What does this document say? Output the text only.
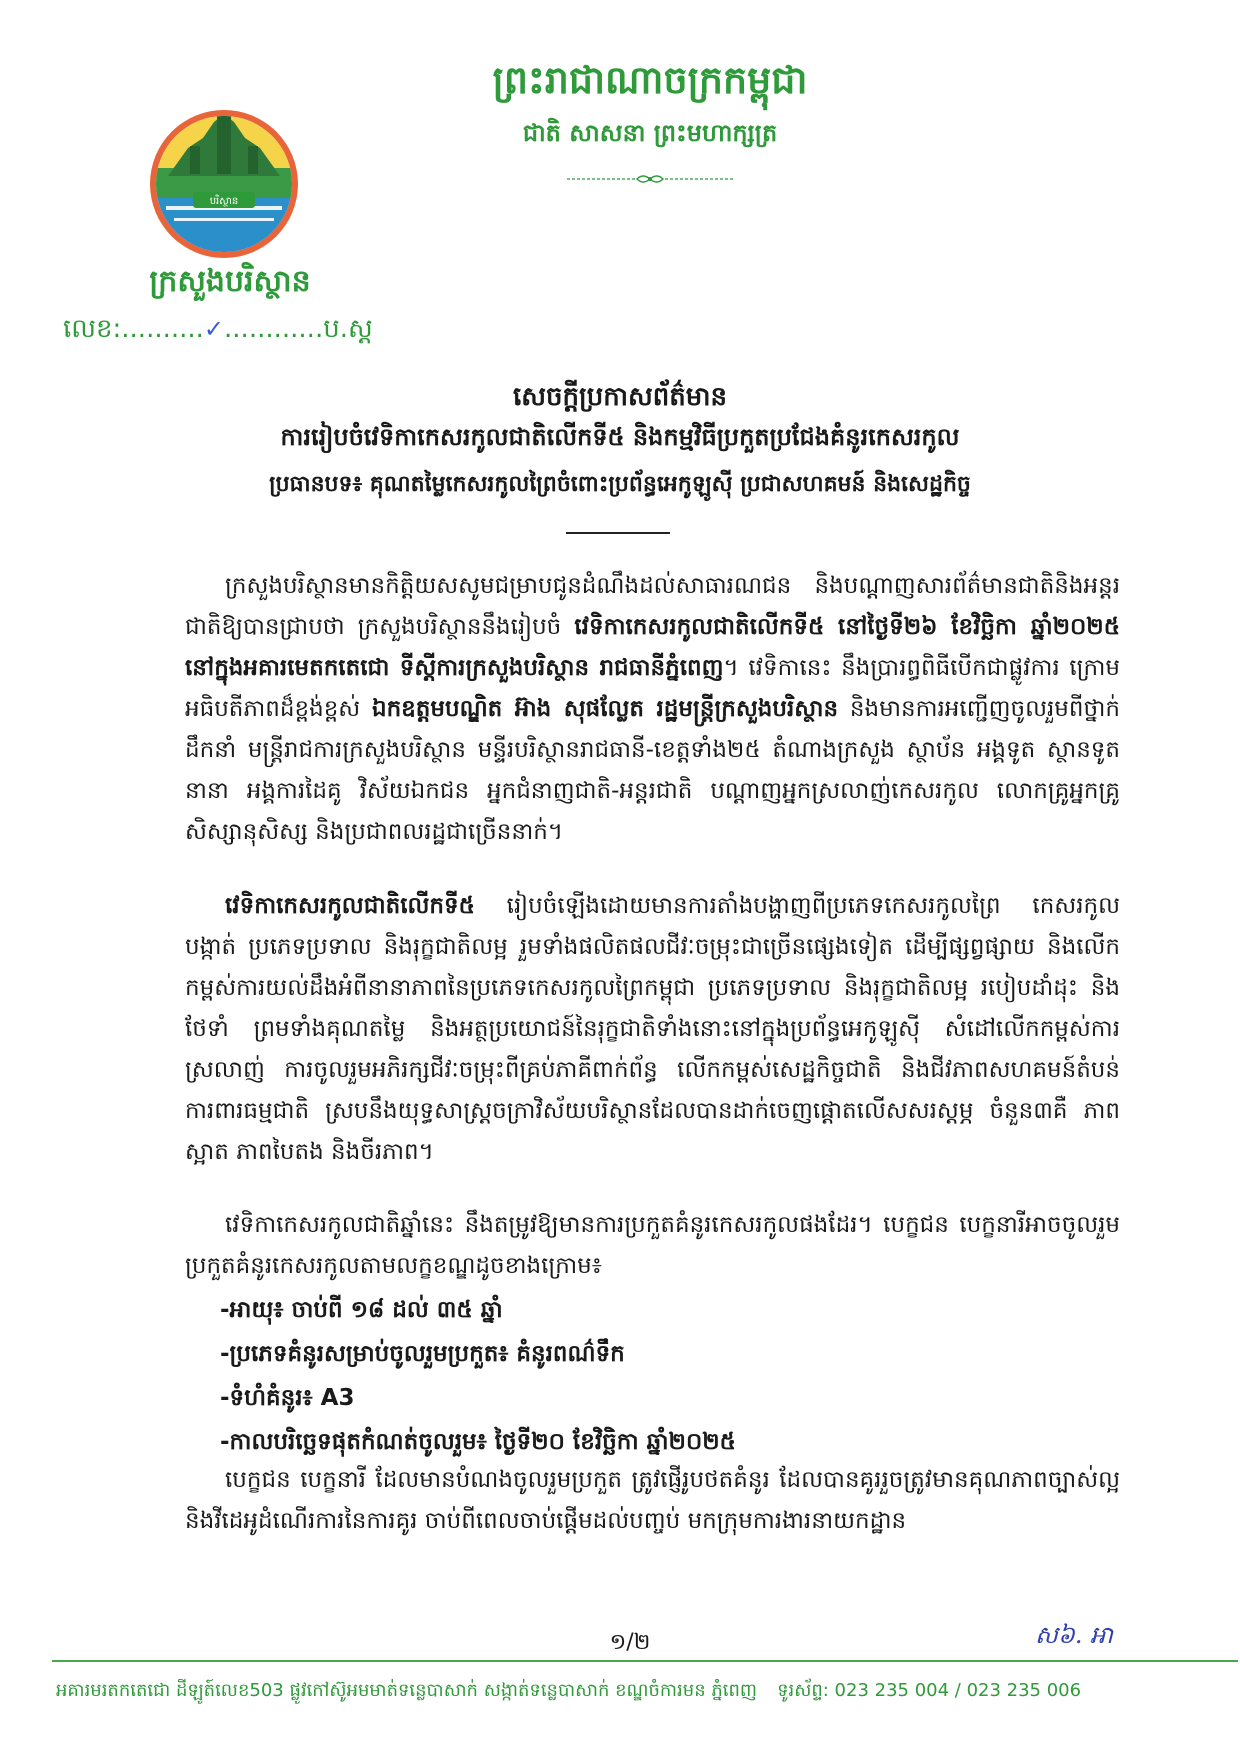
ព្រះរាជាណាចក្រកម្ពុជា
ជាតិ សាសនា ព្រះមហាក្សត្រ
បរិស្ថាន
ក្រសួងបរិស្ថាន
លេខ:..........✓............ប.ស្ត
សេចក្តីប្រកាសព័ត៌មាន
ការរៀបចំវេទិកាកេសរកូលជាតិលើកទី៥ និងកម្មវិធីប្រកួតប្រជែងគំនូរកេសរកូល
ប្រធានបទ៖ គុណតម្លៃកេសរកូលព្រៃចំពោះប្រព័ន្ធអេកូឡូស៊ី ប្រជាសហគមន៍ និងសេដ្ឋកិច្ច
ក្រសួងបរិស្ថានមានកិត្តិយសសូមជម្រាបជូនដំណឹងដល់សាធារណជន និងបណ្តាញសារព័ត៌មានជាតិនិងអន្តរជាតិឱ្យបានជ្រាបថា ក្រសួងបរិស្ថាននឹងរៀបចំ វេទិកាកេសរកូលជាតិលើកទី៥ នៅថ្ងៃទី២៦ ខែវិច្ឆិកា ឆ្នាំ២០២៥ នៅក្នុងអគារមេតកតេជោ ទីស្តីការក្រសួងបរិស្ថាន រាជធានីភ្នំពេញ។ វេទិកានេះ នឹងប្រារព្ធពិធីបើកជាផ្លូវការ ក្រោមអធិបតីភាពដ៏ខ្ពង់ខ្ពស់ ឯកឧត្តមបណ្ឌិត អ៊ាង សុផល្លែត រដ្ឋមន្ត្រីក្រសួងបរិស្ថាន និងមានការអញ្ជើញចូលរួមពីថ្នាក់ដឹកនាំ មន្ត្រីរាជការក្រសួងបរិស្ថាន មន្ទីរបរិស្ថានរាជធានី-ខេត្តទាំង២៥ តំណាងក្រសួង ស្ថាប័ន អង្គទូត ស្ថានទូតនានា អង្គការដៃគូ វិស័យឯកជន អ្នកជំនាញជាតិ-អន្តរជាតិ បណ្តាញអ្នកស្រលាញ់កេសរកូល លោកគ្រូអ្នកគ្រូ សិស្សានុសិស្ស និងប្រជាពលរដ្ឋជាច្រើននាក់។
វេទិកាកេសរកូលជាតិលើកទី៥ រៀបចំឡើងដោយមានការតាំងបង្ហាញពីប្រភេទកេសរកូលព្រៃ កេសរកូលបង្កាត់ ប្រភេទប្រទាល និងរុក្ខជាតិលម្អ រួមទាំងផលិតផលជីវៈចម្រុះជាច្រើនផ្សេងទៀត ដើម្បីផ្សព្វផ្សាយ និងលើកកម្ពស់ការយល់ដឹងអំពីនានាភាពនៃប្រភេទកេសរកូលព្រៃកម្ពុជា ប្រភេទប្រទាល និងរុក្ខជាតិលម្អ របៀបដាំដុះ និងថែទាំ ព្រមទាំងគុណតម្លៃ និងអត្ថប្រយោជន៍នៃរុក្ខជាតិទាំងនោះនៅក្នុងប្រព័ន្ធអេកូឡូស៊ី សំដៅលើកកម្ពស់ការស្រលាញ់ ការចូលរួមអភិរក្សជីវៈចម្រុះពីគ្រប់ភាគីពាក់ព័ន្ធ លើកកម្ពស់សេដ្ឋកិច្ចជាតិ និងជីវភាពសហគមន៍តំបន់ការពារធម្មជាតិ ស្របនឹងយុទ្ធសាស្ត្រចក្រាវិស័យបរិស្ថានដែលបានដាក់ចេញផ្តោតលើសសរស្តម្ភ ចំនួន៣គឺ ភាពស្អាត ភាពបៃតង និងចីរភាព។
វេទិកាកេសរកូលជាតិឆ្នាំនេះ នឹងតម្រូវឱ្យមានការប្រកួតគំនូរកេសរកូលផងដែរ។ បេក្ខជន បេក្ខនារីអាចចូលរួមប្រកួតគំនូរកេសរកូលតាមលក្ខខណ្ឌដូចខាងក្រោម៖
-អាយុ៖ ចាប់ពី ១៨ ដល់ ៣៥ ឆ្នាំ
-ប្រភេទគំនូរសម្រាប់ចូលរួមប្រកួត៖ គំនូរពណ៌ទឹក
-ទំហំគំនូរ៖ A3
-កាលបរិច្ឆេទផុតកំណត់ចូលរួម៖ ថ្ងៃទី២០ ខែវិច្ឆិកា ឆ្នាំ២០២៥
បេក្ខជន បេក្ខនារី ដែលមានបំណងចូលរួមប្រកួត ត្រូវផ្ញើរូបថតគំនូរ ដែលបានគូររួចត្រូវមានគុណភាពច្បាស់ល្អ និងវីដេអូដំណើរការនៃការគូរ ចាប់ពីពេលចាប់ផ្តើមដល់បញ្ចប់ មកក្រុមការងារនាយកដ្ឋាន
១/២	ស៦. អា
អគារមរតកតេជោ ដីឡូត៍លេខ503 ផ្លូវកៅស៊ូអមមាត់ទន្លេបាសាក់ សង្កាត់ទន្លេបាសាក់ ខណ្ឌចំការមន ភ្នំពេញ ទូរស័ព្ទ: 023 235 004 / 023 235 006
